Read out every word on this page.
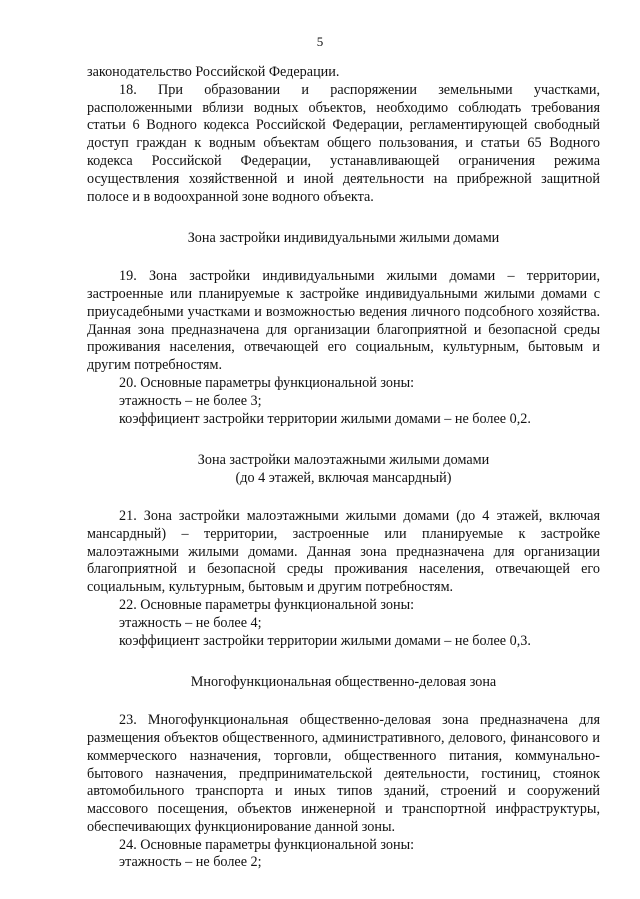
5

законодательство Российской Федерации.

18. При образовании и распоряжении земельными участками, расположенными вблизи водных объектов, необходимо соблюдать требования статьи 6 Водного кодекса Российской Федерации, регламентирующей свободный доступ граждан к водным объектам общего пользования, и статьи 65 Водного кодекса Российской Федерации, устанавливающей ограничения режима осуществления хозяйственной и иной деятельности на прибрежной защитной полосе и в водоохранной зоне водного объекта.

Зона застройки индивидуальными жилыми домами

19. Зона застройки индивидуальными жилыми домами – территории, застроенные или планируемые к застройке индивидуальными жилыми домами с приусадебными участками и возможностью ведения личного подсобного хозяйства. Данная зона предназначена для организации благоприятной и безопасной среды проживания населения, отвечающей его социальным, культурным, бытовым и другим потребностям.

20. Основные параметры функциональной зоны:

этажность – не более 3;

коэффициент застройки территории жилыми домами – не более 0,2.

Зона застройки малоэтажными жилыми домами

(до 4 этажей, включая мансардный)

21. Зона застройки малоэтажными жилыми домами (до 4 этажей, включая мансардный) – территории, застроенные или планируемые к застройке малоэтажными жилыми домами. Данная зона предназначена для организации благоприятной и безопасной среды проживания населения, отвечающей его социальным, культурным, бытовым и другим потребностям.

22. Основные параметры функциональной зоны:

этажность – не более 4;

коэффициент застройки территории жилыми домами – не более 0,3.

Многофункциональная общественно-деловая зона

23. Многофункциональная общественно-деловая зона предназначена для размещения объектов общественного, административного, делового, финансового и коммерческого назначения, торговли, общественного питания, коммунально-бытового назначения, предпринимательской деятельности, гостиниц, стоянок автомобильного транспорта и иных типов зданий, строений и сооружений массового посещения, объектов инженерной и транспортной инфраструктуры, обеспечивающих функционирование данной зоны.

24. Основные параметры функциональной зоны:

этажность – не более 2;
